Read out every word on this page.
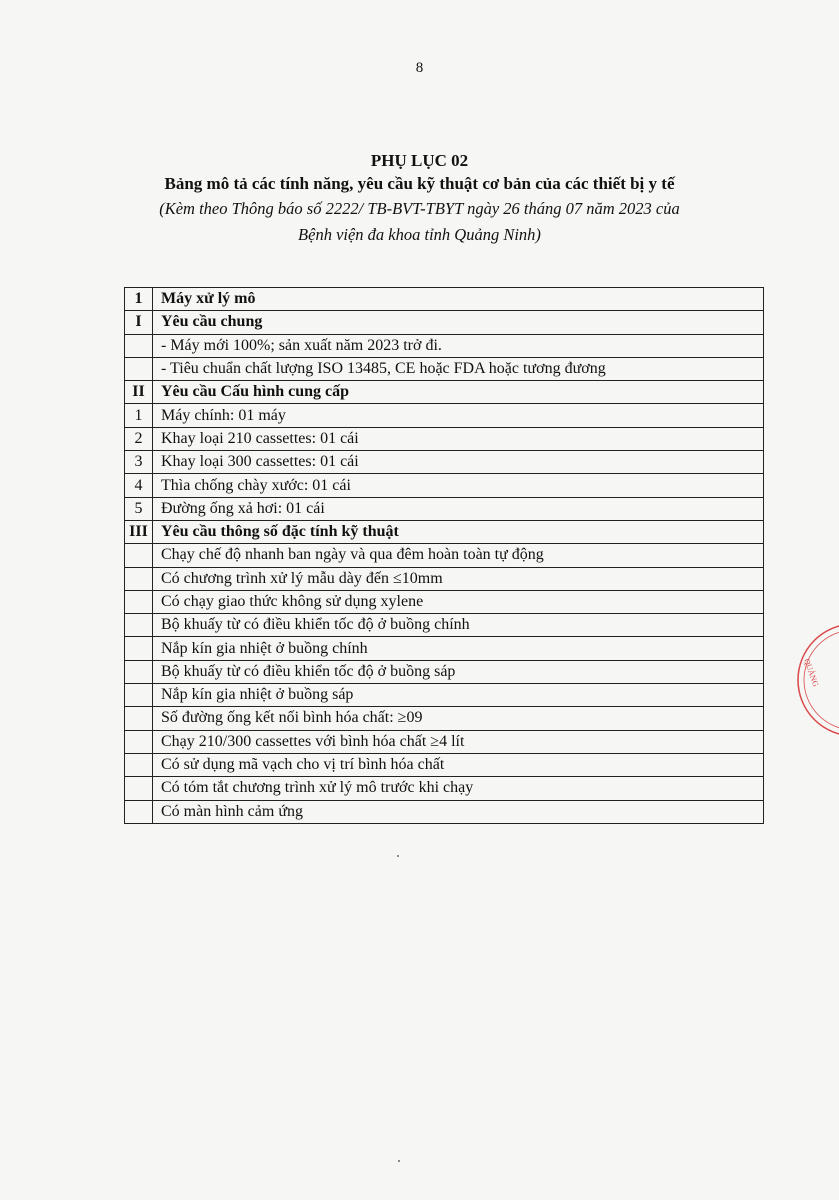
8
PHỤ LỤC 02
Bảng mô tả các tính năng, yêu cầu kỹ thuật cơ bản của các thiết bị y tế
(Kèm theo Thông báo số 2222/ TB-BVT-TBYT ngày 26 tháng 07 năm 2023 của
Bệnh viện đa khoa tỉnh Quảng Ninh)
1	Máy xử lý mô
I	Yêu cầu chung
	- Máy mới 100%; sản xuất năm 2023 trở đi.
	- Tiêu chuẩn chất lượng ISO 13485, CE hoặc FDA hoặc tương đương
II	Yêu cầu Cấu hình cung cấp
1	Máy chính: 01 máy
2	Khay loại 210 cassettes: 01 cái
3	Khay loại 300 cassettes: 01 cái
4	Thìa chống chày xước: 01 cái
5	Đường ống xả hơi: 01 cái
III	Yêu cầu thông số đặc tính kỹ thuật
	Chạy chế độ nhanh ban ngày và qua đêm hoàn toàn tự động
	Có chương trình xử lý mẫu dày đến ≤10mm
	Có chạy giao thức không sử dụng xylene
	Bộ khuấy từ có điều khiển tốc độ ở buồng chính
	Nắp kín gia nhiệt ở buồng chính
	Bộ khuấy từ có điều khiển tốc độ ở buồng sáp
	Nắp kín gia nhiệt ở buồng sáp
	Số đường ống kết nối bình hóa chất: ≥09
	Chạy 210/300 cassettes với bình hóa chất ≥4 lít
	Có sử dụng mã vạch cho vị trí bình hóa chất
	Có tóm tắt chương trình xử lý mô trước khi chạy
	Có màn hình cảm ứng
QUẢNG
